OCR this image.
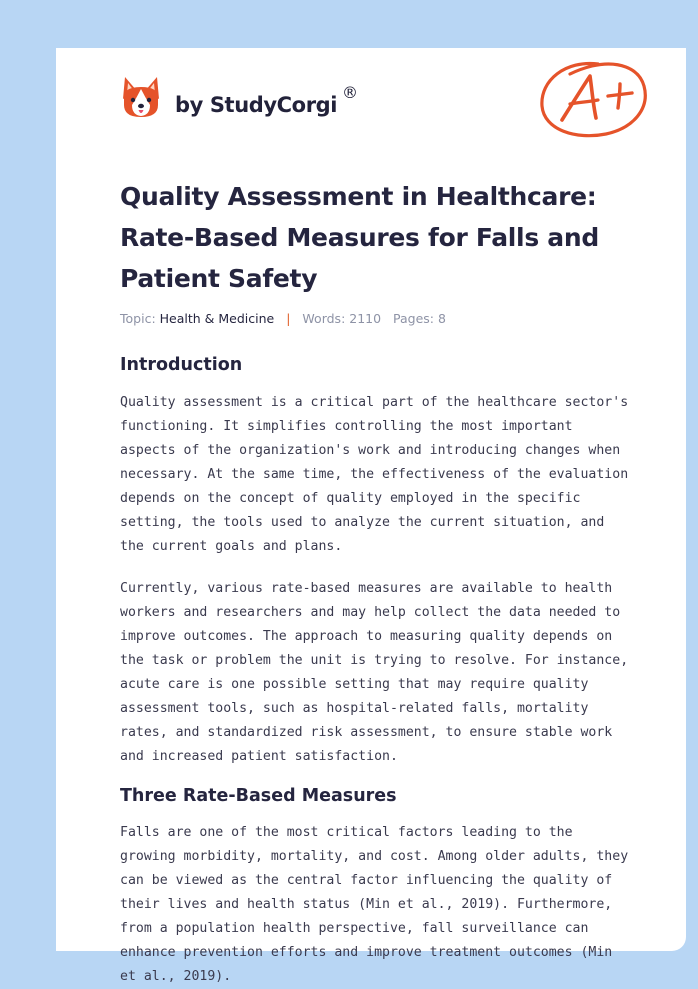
by StudyCorgi
®
Quality Assessment in Healthcare: Rate-Based Measures for Falls and Patient Safety
Topic: Health & Medicine | Words: 2110 Pages: 8
Introduction

Quality assessment is a critical part of the healthcare sector's functioning. It simplifies controlling the most important aspects of the organization's work and introducing changes when necessary. At the same time, the effectiveness of the evaluation depends on the concept of quality employed in the specific setting, the tools used to analyze the current situation, and the current goals and plans.

Currently, various rate-based measures are available to health workers and researchers and may help collect the data needed to improve outcomes. The approach to measuring quality depends on the task or problem the unit is trying to resolve. For instance, acute care is one possible setting that may require quality assessment tools, such as hospital-related falls, mortality rates, and standardized risk assessment, to ensure stable work and increased patient satisfaction.

Three Rate-Based Measures

Falls are one of the most critical factors leading to the growing morbidity, mortality, and cost. Among older adults, they can be viewed as the central factor influencing the quality of their lives and health status (Min et al., 2019). Furthermore, from a population health perspective, fall surveillance can enhance prevention efforts and improve treatment outcomes (Min et al., 2019).
